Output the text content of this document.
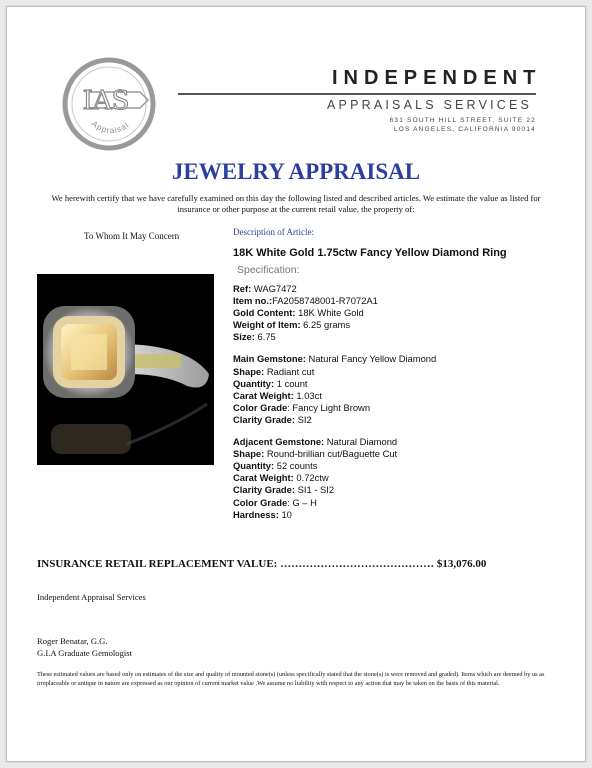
IAS
Appraisal
INDEPENDENT
APPRAISALS SERVICES
631 SOUTH HILL STREET, SUITE 22
LOS ANGELES, CALIFORNIA 90014
JEWELRY APPRAISAL
We herewith certify that we have carefully examined on this day the following listed and described articles. We estimate the value as listed for insurance or other purpose at the current retail value, the property of:
To Whom It May Concern	Description of Article:
18K White Gold 1.75ctw Fancy Yellow Diamond Ring
Specification:
Ref: WAG7472
Item no.:FA2058748001-R7072A1
Gold Content: 18K White Gold
Weight of Item: 6.25 grams
Size: 6.75
Main Gemstone: Natural Fancy Yellow Diamond
Shape: Radiant cut
Quantity: 1 count
Carat Weight: 1.03ct
Color Grade: Fancy Light Brown
Clarity Grade: SI2
Adjacent Gemstone: Natural Diamond
Shape: Round-brillian cut/Baguette Cut
Quantity: 52 counts
Carat Weight: 0.72ctw
Clarity Grade: SI1 - SI2
Color Grade: G – H
Hardness: 10
INSURANCE RETAIL REPLACEMENT VALUE: …………………………………… $13,076.00
Independent Appraisal Services
Roger Benatar, G.G.
G.I.A Graduate Gemologist
These estimated values are based only on estimates of the size and quality of mounted stone(s) (unless specifically stated that the stone(s) is were removed and graded). Items which are deemed by us as irreplaceable or antique in nature are expressed as our opinion of current market value .We assume no liability with respect to any action that may be taken on the basis of this material.
